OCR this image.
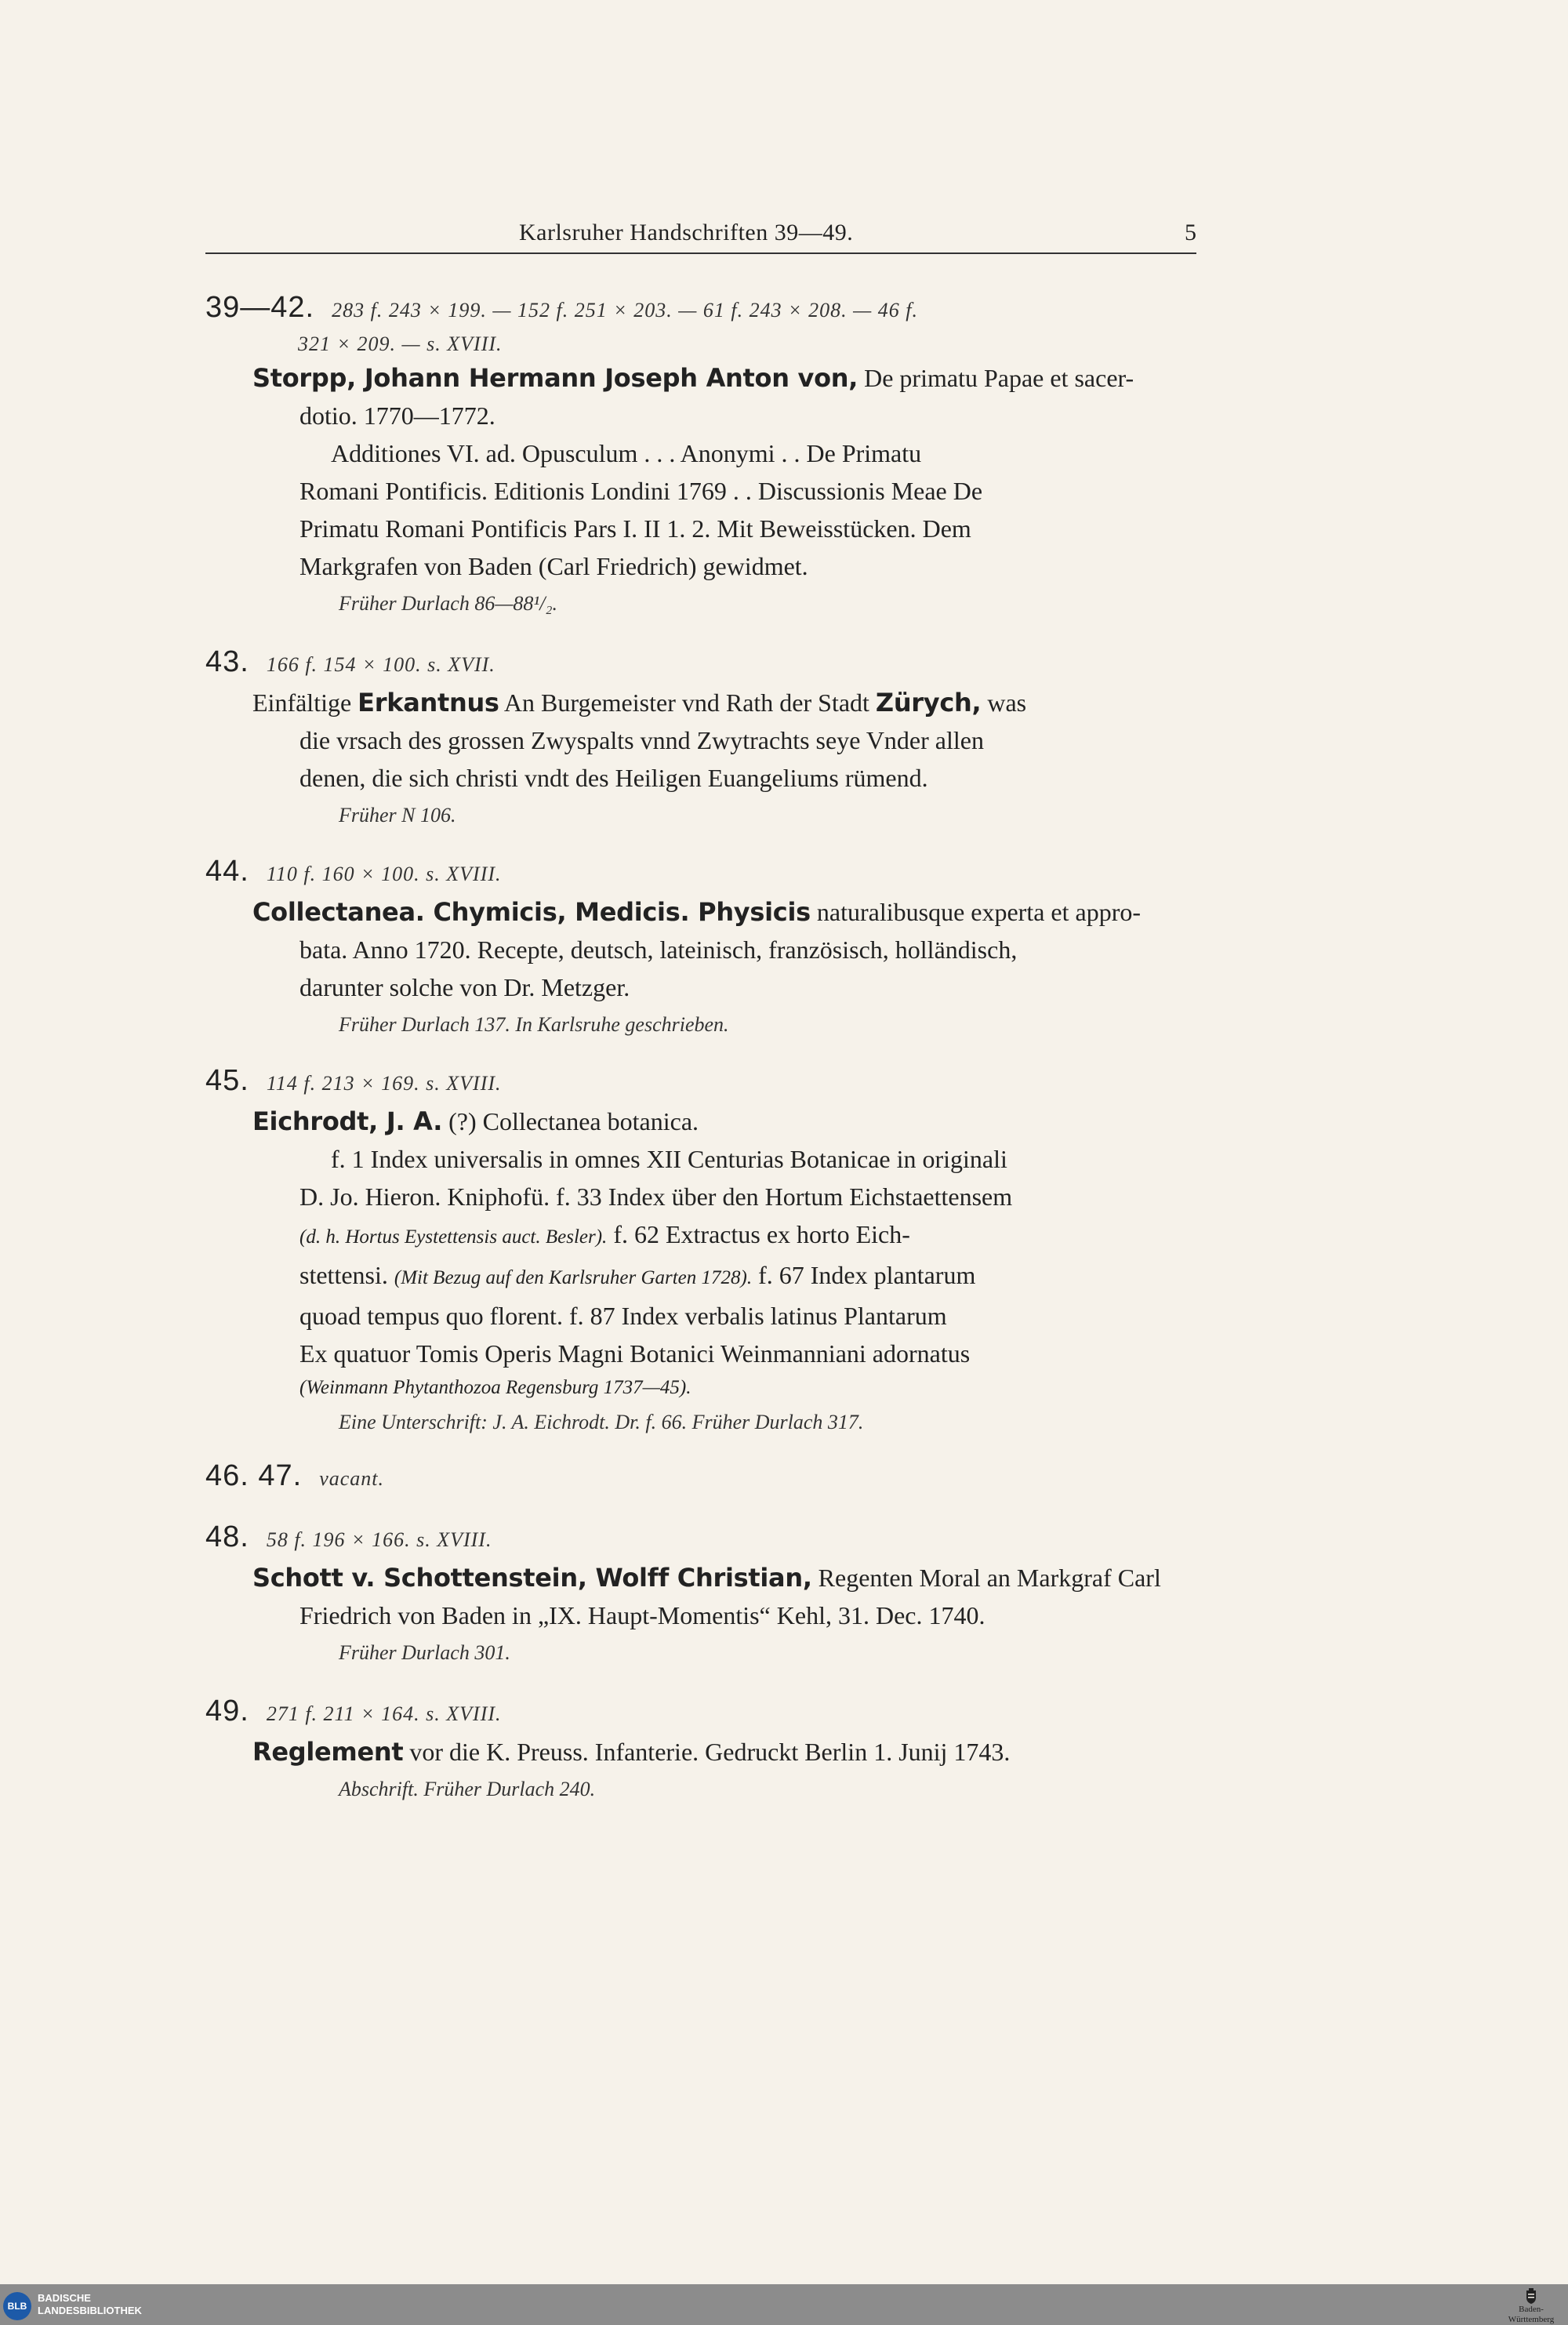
Karlsruher Handschriften 39—49.	5
39—42. 283 f. 243 × 199. — 152 f. 251 × 203. — 61 f. 243 × 208. — 46 f.
321 × 209. — s. XVIII.
Storpp, Johann Hermann Joseph Anton von, De primatu Papae et sacer-
dotio. 1770—1772.
Additiones VI. ad. Opusculum . . . Anonymi . . De Primatu
Romani Pontificis. Editionis Londini 1769 . . Discussionis Meae De
Primatu Romani Pontificis Pars I. II 1. 2. Mit Beweisstücken. Dem
Markgrafen von Baden (Carl Friedrich) gewidmet.
Früher Durlach 86—88¹/₂.
43. 166 f. 154 × 100. s. XVII.
Einfältige Erkantnus An Burgemeister vnd Rath der Stadt Zürych, was
die vrsach des grossen Zwyspalts vnnd Zwytrachts seye Vnder allen
denen, die sich christi vndt des Heiligen Euangeliums rümend.
Früher N 106.
44. 110 f. 160 × 100. s. XVIII.
Collectanea. Chymicis, Medicis. Physicis naturalibusque experta et appro-
bata. Anno 1720. Recepte, deutsch, lateinisch, französisch, holländisch,
darunter solche von Dr. Metzger.
Früher Durlach 137. In Karlsruhe geschrieben.
45. 114 f. 213 × 169. s. XVIII.
Eichrodt, J. A. (?) Collectanea botanica.
f. 1 Index universalis in omnes XII Centurias Botanicae in originali
D. Jo. Hieron. Kniphofü. f. 33 Index über den Hortum Eichstaettensem
(d. h. Hortus Eystettensis auct. Besler). f. 62 Extractus ex horto Eich-
stettensi. (Mit Bezug auf den Karlsruher Garten 1728). f. 67 Index plantarum
quoad tempus quo florent. f. 87 Index verbalis latinus Plantarum
Ex quatuor Tomis Operis Magni Botanici Weinmanniani adornatus
(Weinmann Phytanthozoa Regensburg 1737—45).
Eine Unterschrift: J. A. Eichrodt. Dr. f. 66. Früher Durlach 317.
46. 47. vacant.
48. 58 f. 196 × 166. s. XVIII.
Schott v. Schottenstein, Wolff Christian, Regenten Moral an Markgraf Carl
Friedrich von Baden in „IX. Haupt-Momentis“ Kehl, 31. Dec. 1740.
Früher Durlach 301.
49. 271 f. 211 × 164. s. XVIII.
Reglement vor die K. Preuss. Infanterie. Gedruckt Berlin 1. Junij 1743.
Abschrift. Früher Durlach 240.
BLB
BADISCHE
LANDESBIBLIOTHEK	Baden-Württemberg
